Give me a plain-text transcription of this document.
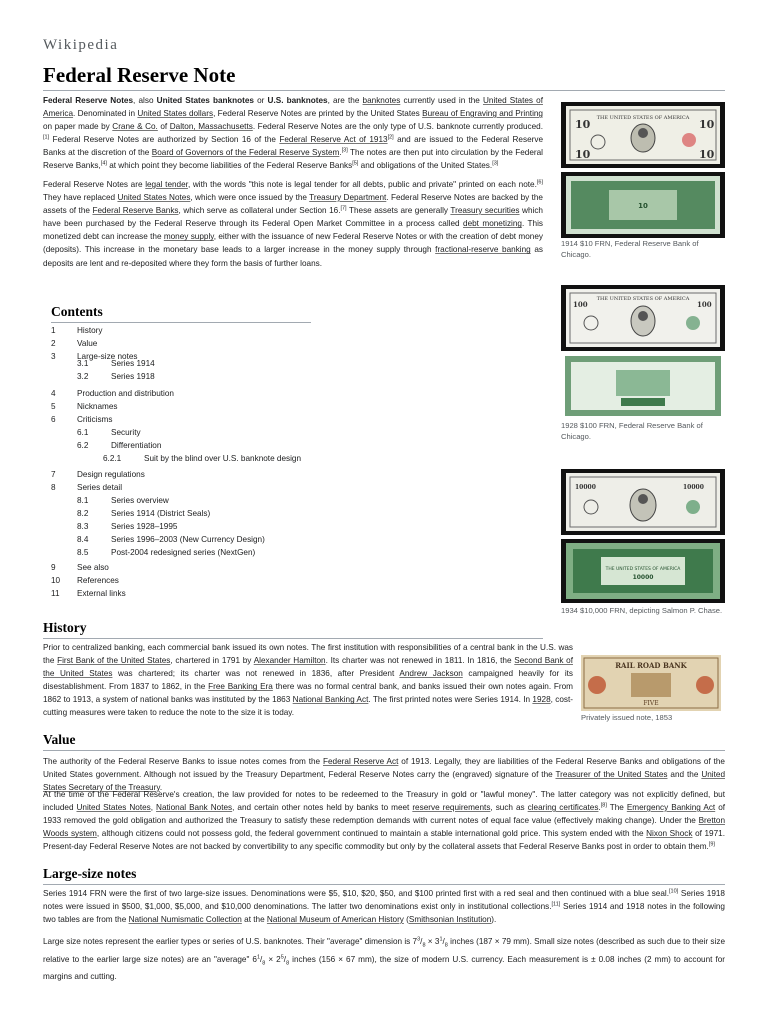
Wikipedia
Federal Reserve Note
Federal Reserve Notes, also United States banknotes or U.S. banknotes, are the banknotes currently used in the United States of America. Denominated in United States dollars, Federal Reserve Notes are printed by the United States Bureau of Engraving and Printing on paper made by Crane & Co. of Dalton, Massachusetts. Federal Reserve Notes are the only type of U.S. banknote currently produced.[1] Federal Reserve Notes are authorized by Section 16 of the Federal Reserve Act of 1913[2] and are issued to the Federal Reserve Banks at the discretion of the Board of Governors of the Federal Reserve System.[3] The notes are then put into circulation by the Federal Reserve Banks,[4] at which point they become liabilities of the Federal Reserve Banks[5] and obligations of the United States.[3]
Federal Reserve Notes are legal tender, with the words "this note is legal tender for all debts, public and private" printed on each note.[6] They have replaced United States Notes, which were once issued by the Treasury Department. Federal Reserve Notes are backed by the assets of the Federal Reserve Banks, which serve as collateral under Section 16.[7] These assets are generally Treasury securities which have been purchased by the Federal Reserve through its Federal Open Market Committee in a process called debt monetizing. This monetized debt can increase the money supply, either with the issuance of new Federal Reserve Notes or with the creation of debt money (deposits). This increase in the monetary base leads to a larger increase in the money supply through fractional-reserve banking as deposits are lent and re-deposited where they form the basis of further loans.
Contents
1	History
2	Value
3	Large-size notes
3.1	Series 1914
3.2	Series 1918
4	Production and distribution
5	Nicknames
6	Criticisms
6.1	Security
6.2	Differentiation
6.2.1	Suit by the blind over U.S. banknote design
7	Design regulations
8	Series detail
8.1	Series overview
8.2	Series 1914 (District Seals)
8.3	Series 1928–1995
8.4	Series 1996–2003 (New Currency Design)
8.5	Post-2004 redesigned series (NextGen)
9	See also
10 References
11 External links
History
Prior to centralized banking, each commercial bank issued its own notes. The first institution with responsibilities of a central bank in the U.S. was the First Bank of the United States, chartered in 1791 by Alexander Hamilton. Its charter was not renewed in 1811. In 1816, the Second Bank of the United States was chartered; its charter was not renewed in 1836, after President Andrew Jackson campaigned heavily for its disestablishment. From 1837 to 1862, in the Free Banking Era there was no formal central bank, and banks issued their own notes again. From 1862 to 1913, a system of national banks was instituted by the 1863 National Banking Act. The first printed notes were Series 1914. In 1928, cost-cutting measures were taken to reduce the note to the size it is today.
Value
The authority of the Federal Reserve Banks to issue notes comes from the Federal Reserve Act of 1913. Legally, they are liabilities of the Federal Reserve Banks and obligations of the United States government. Although not issued by the Treasury Department, Federal Reserve Notes carry the (engraved) signature of the Treasurer of the United States and the United States Secretary of the Treasury.
At the time of the Federal Reserve's creation, the law provided for notes to be redeemed to the Treasury in gold or "lawful money". The latter category was not explicitly defined, but included United States Notes, National Bank Notes, and certain other notes held by banks to meet reserve requirements, such as clearing certificates.[8] The Emergency Banking Act of 1933 removed the gold obligation and authorized the Treasury to satisfy these redemption demands with current notes of equal face value (effectively making change). Under the Bretton Woods system, although citizens could not possess gold, the federal government continued to maintain a stable international gold price. This system ended with the Nixon Shock of 1971. Present-day Federal Reserve Notes are not backed by convertibility to any specific commodity but only by the collateral assets that Federal Reserve Banks post in order to obtain them.[9]
Large-size notes
Series 1914 FRN were the first of two large-size issues. Denominations were $5, $10, $20, $50, and $100 printed first with a red seal and then continued with a blue seal.[10] Series 1918 notes were issued in $500, $1,000, $5,000, and $10,000 denominations. The latter two denominations exist only in institutional collections.[11] Series 1914 and 1918 notes in the following two tables are from the National Numismatic Collection at the National Museum of American History (Smithsonian Institution).
Large size notes represent the earlier types or series of U.S. banknotes. Their "average" dimension is $7^3/_8 \times 3^1/_8$ inches (187 × 79 mm). Small size notes (described as such due to their size relative to the earlier large size notes) are an "average" $6^1/_8 \times 2^5/_8$ inches (156 × 67 mm), the size of modern U.S. currency. Each measurement is ± 0.08 inches (2 mm) to account for margins and cutting.
THE UNITED STATES OF AMERICA
10	10
10	10
10
1914 $10 FRN, Federal Reserve Bank of Chicago.
THE UNITED STATES OF AMERICA
100	100
1928 $100 FRN, Federal Reserve Bank of Chicago.
10000	10000
THE UNITED STATES OF AMERICA
10000
1934 $10,000 FRN, depicting Salmon P. Chase.
RAIL ROAD BANK
FIVE
Privately issued note, 1853
